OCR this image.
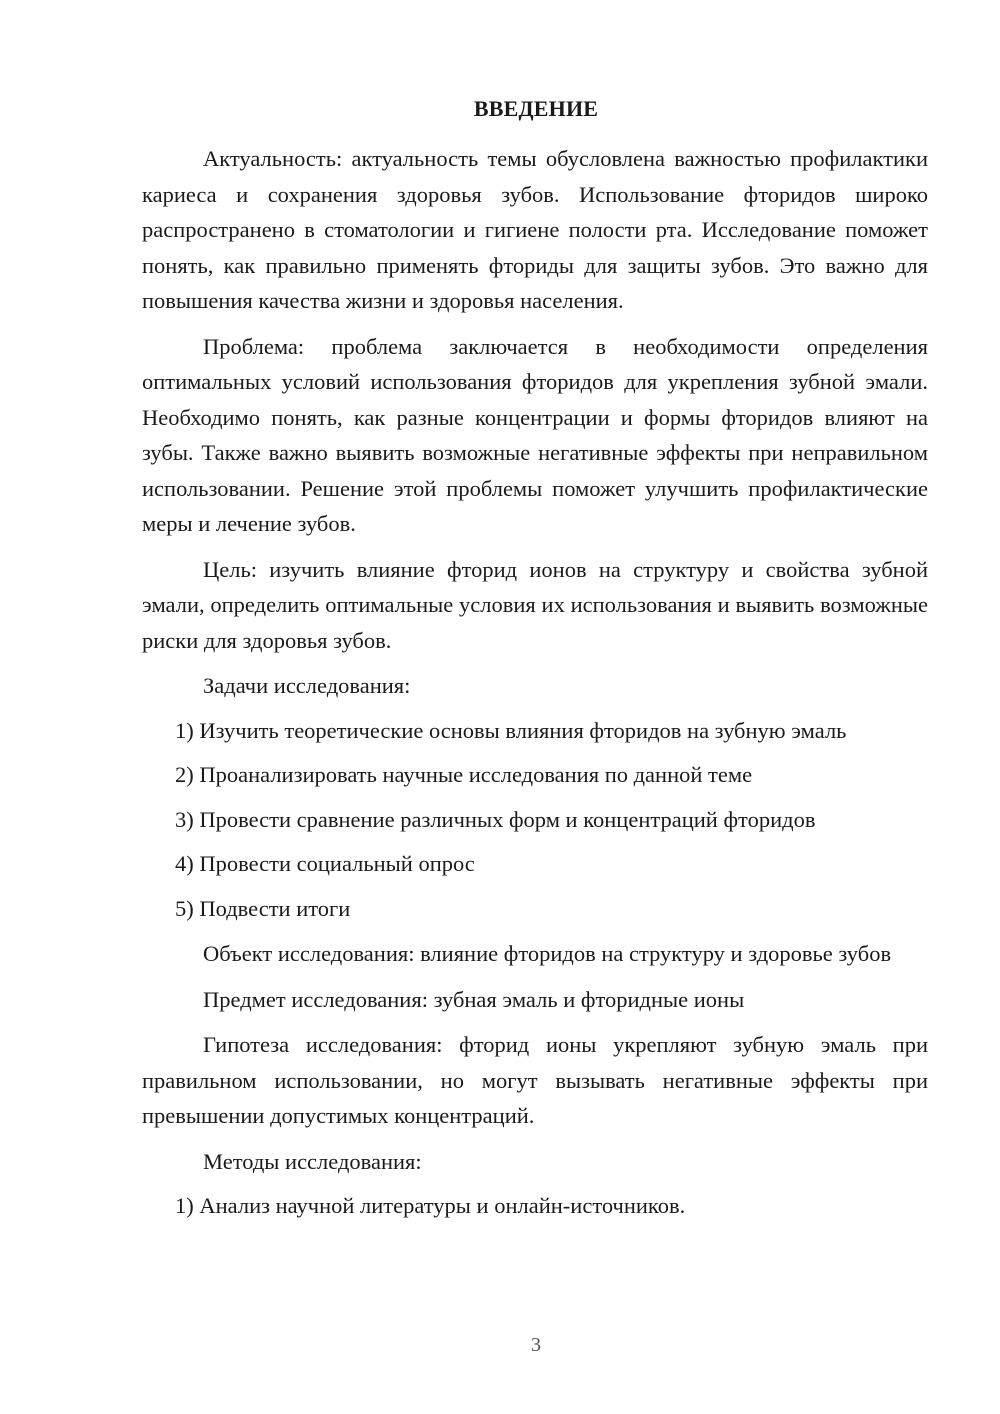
ВВЕДЕНИЕ

Актуальность: актуальность темы обусловлена важностью профилактики кариеса и сохранения здоровья зубов. Использование фторидов широко распространено в стоматологии и гигиене полости рта. Исследование поможет понять, как правильно применять фториды для защиты зубов. Это важно для повышения качества жизни и здоровья населения.

Проблема: проблема заключается в необходимости определения оптимальных условий использования фторидов для укрепления зубной эмали. Необходимо понять, как разные концентрации и формы фторидов влияют на зубы. Также важно выявить возможные негативные эффекты при неправильном использовании. Решение этой проблемы поможет улучшить профилактические меры и лечение зубов.

Цель: изучить влияние фторид ионов на структуру и свойства зубной эмали, определить оптимальные условия их использования и выявить возможные риски для здоровья зубов.

Задачи исследования:

1) Изучить теоретические основы влияния фторидов на зубную эмаль

2) Проанализировать научные исследования по данной теме

3) Провести сравнение различных форм и концентраций фторидов

4) Провести социальный опрос

5) Подвести итоги

Объект исследования: влияние фторидов на структуру и здоровье зубов

Предмет исследования: зубная эмаль и фторидные ионы

Гипотеза исследования: фторид ионы укрепляют зубную эмаль при правильном использовании, но могут вызывать негативные эффекты при превышении допустимых концентраций.

Методы исследования:

1) Анализ научной литературы и онлайн-источников.

3
